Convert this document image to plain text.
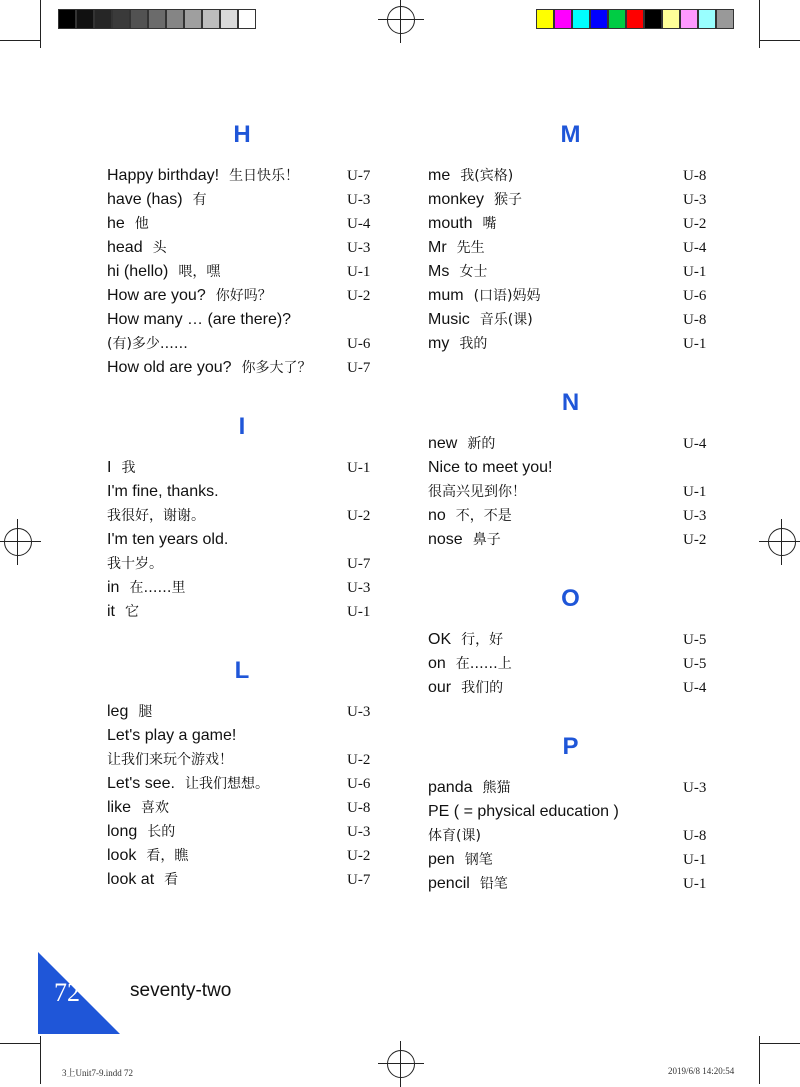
H
Happy birthday! 生日快乐！	U-7
have (has) 有	U-3
he 他	U-4
head 头	U-3
hi (hello) 喂，嘿	U-1
How are you? 你好吗？	U-2
How many … (are there)?
(有)多少……	U-6
How old are you? 你多大了？	U-7
I
I 我	U-1
I'm fine, thanks.
我很好，谢谢。	U-2
I'm ten years old.
我十岁。	U-7
in 在……里	U-3
it 它	U-1
L
leg 腿	U-3
Let's play a game!
让我们来玩个游戏！	U-2
Let's see. 让我们想想。	U-6
like 喜欢	U-8
long 长的	U-3
look 看，瞧	U-2
look at 看	U-7
M
me 我(宾格)	U-8
monkey 猴子	U-3
mouth 嘴	U-2
Mr 先生	U-4
Ms 女士	U-1
mum (口语)妈妈	U-6
Music 音乐(课)	U-8
my 我的	U-1
N
new 新的	U-4
Nice to meet you!
很高兴见到你！	U-1
no 不，不是	U-3
nose 鼻子	U-2
O
OK 行，好	U-5
on 在……上	U-5
our 我们的	U-4
P
panda 熊猫	U-3
PE ( = physical education )
体育(课)	U-8
pen 钢笔	U-1
pencil 铅笔	U-1
72	seventy-two
3上Unit7-9.indd 72	2019/6/8 14:20:54
